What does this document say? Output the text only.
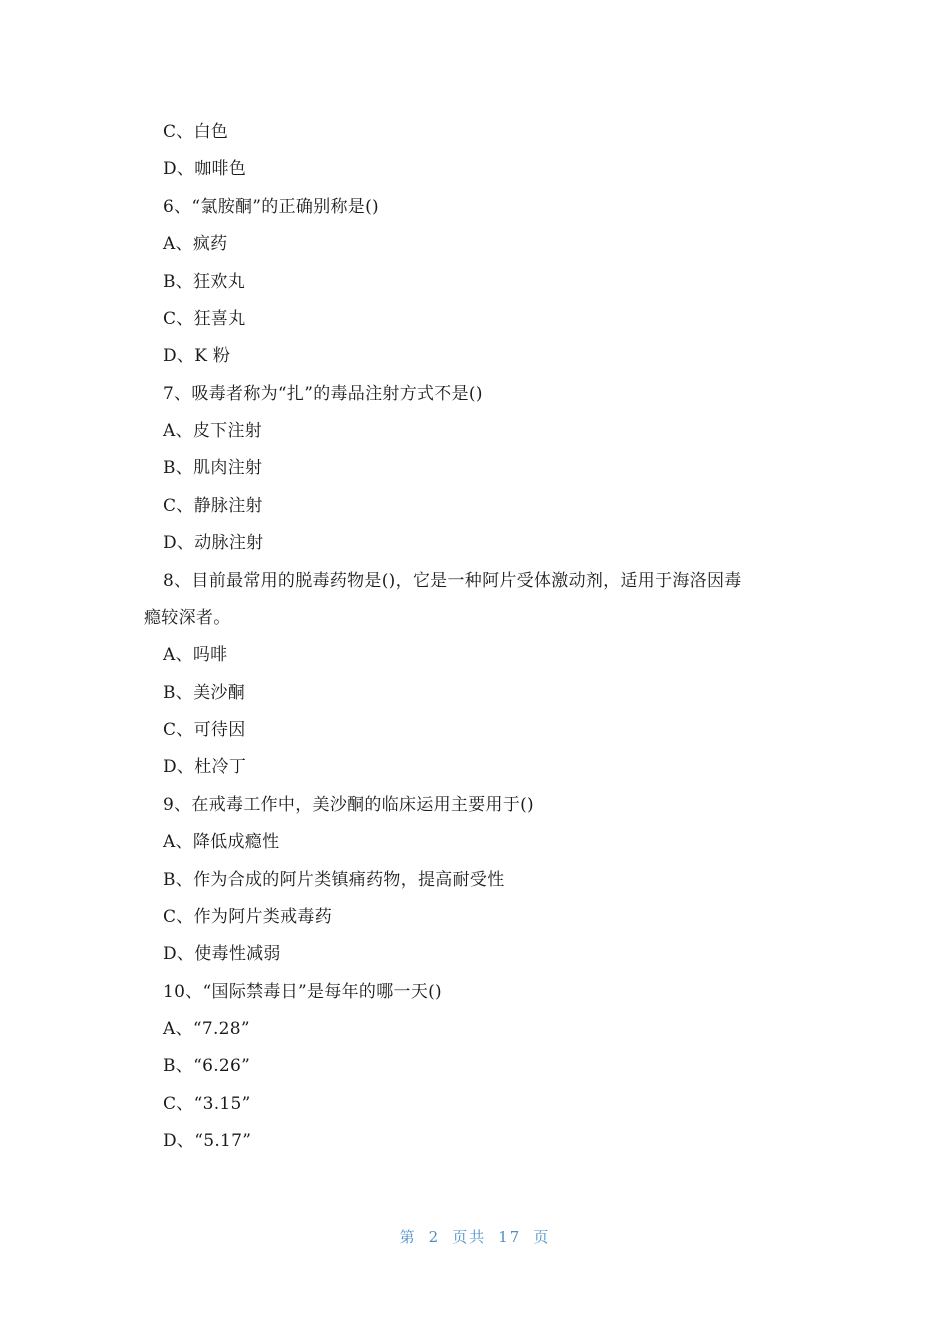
C、白色
D、咖啡色
6、“氯胺酮”的正确别称是()
A、疯药
B、狂欢丸
C、狂喜丸
D、K 粉
7、吸毒者称为“扎”的毒品注射方式不是()
A、皮下注射
B、肌肉注射
C、静脉注射
D、动脉注射
8、目前最常用的脱毒药物是()，它是一种阿片受体激动剂，适用于海洛因毒
瘾较深者。
A、吗啡
B、美沙酮
C、可待因
D、杜冷丁
9、在戒毒工作中，美沙酮的临床运用主要用于()
A、降低成瘾性
B、作为合成的阿片类镇痛药物，提高耐受性
C、作为阿片类戒毒药
D、使毒性减弱
10、“国际禁毒日”是每年的哪一天()
A、“7.28”
B、“6.26”
C、“3.15”
D、“5.17”
第 2 页共 17 页
